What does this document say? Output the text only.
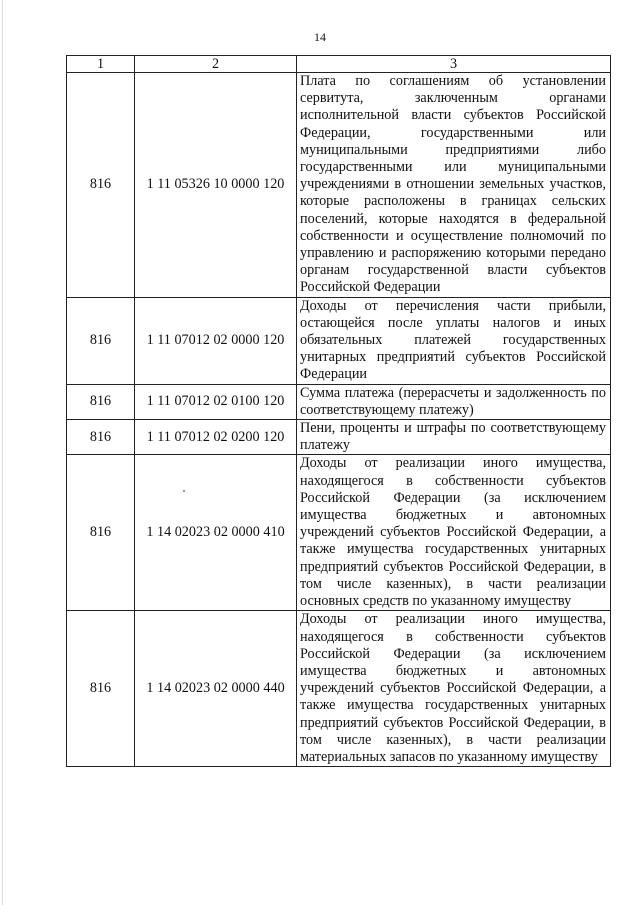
14
1	2	3
816	1 11 05326 10 0000 120	Плата по соглашениям об установлении сервитута, заключенным органами исполнительной власти субъектов Российской Федерации, государственными или муниципальными предприятиями либо государственными или муниципальными учреждениями в отношении земельных участков, которые расположены в границах сельских поселений, которые находятся в федеральной собственности и осуществление полномочий по управлению и распоряжению которыми передано органам государственной власти субъектов Российской Федерации
816	1 11 07012 02 0000 120	Доходы от перечисления части прибыли, остающейся после уплаты налогов и иных обязательных платежей государственных унитарных предприятий субъектов Российской Федерации
816	1 11 07012 02 0100 120	Сумма платежа (перерасчеты и задолженность по соответствующему платежу)
816	1 11 07012 02 0200 120	Пени, проценты и штрафы по соответствующему платежу
816	1 14 02023 02 0000 410	Доходы от реализации иного имущества, находящегося в собственности субъектов Российской Федерации (за исключением имущества бюджетных и автономных учреждений субъектов Российской Федерации, а также имущества государственных унитарных предприятий субъектов Российской Федерации, в том числе казенных), в части реализации основных средств по указанному имуществу
816	1 14 02023 02 0000 440	Доходы от реализации иного имущества, находящегося в собственности субъектов Российской Федерации (за исключением имущества бюджетных и автономных учреждений субъектов Российской Федерации, а также имущества государственных унитарных предприятий субъектов Российской Федерации, в том числе казенных), в части реализации материальных запасов по указанному имуществу
